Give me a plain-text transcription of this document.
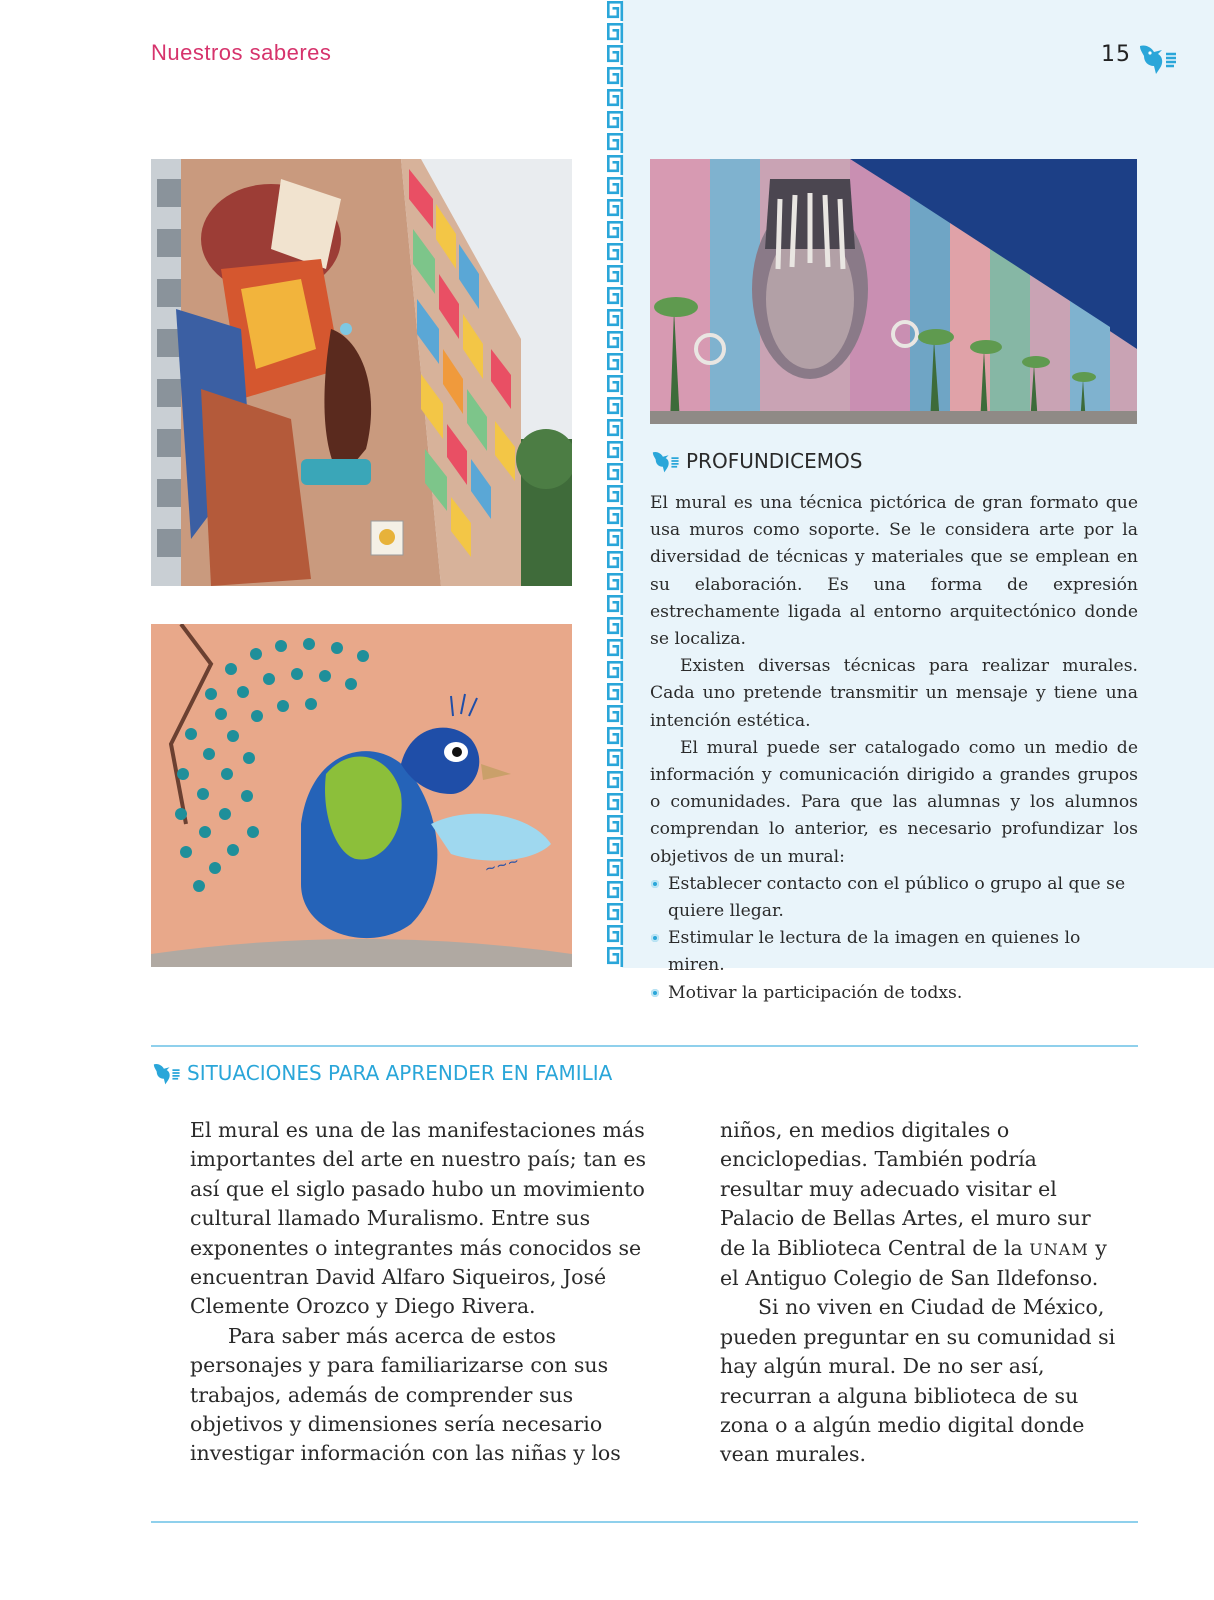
Nuestros saberes	15
~~~
PROFUNDICEMOS

El mural es una técnica pictórica de gran formato que usa muros como soporte. Se le considera arte por la diversidad de técnicas y materiales que se emplean en su elaboración. Es una forma de expresión estrechamente ligada al entorno arquitectónico donde se localiza.

Existen diversas técnicas para realizar murales. Cada uno pretende transmitir un mensaje y tiene una intención estética.

El mural puede ser catalogado como un medio de información y comunicación dirigido a grandes grupos o comunidades. Para que las alumnas y los alumnos comprendan lo anterior, es necesario profundizar los objetivos de un mural:

Establecer contacto con el público o grupo al que se quiere llegar.

Estimular le lectura de la imagen en quienes lo miren.

Motivar la participación de todxs.

SITUACIONES PARA APRENDER EN FAMILIA

El mural es una de las manifestaciones más importantes del arte en nuestro país; tan es así que el siglo pasado hubo un movimiento cultural llamado Muralismo. Entre sus exponentes o integrantes más conocidos se encuentran David Alfaro Siqueiros, José Clemente Orozco y Diego Rivera.

Para saber más acerca de estos personajes y para familiarizarse con sus trabajos, además de comprender sus objetivos y dimensiones sería necesario investigar información con las niñas y los

niños, en medios digitales o enciclopedias. También podría resultar muy adecuado visitar el Palacio de Bellas Artes, el muro sur de la Biblioteca Central de la UNAM y el Antiguo Colegio de San Ildefonso.

Si no viven en Ciudad de México, pueden preguntar en su comunidad si hay algún mural. De no ser así, recurran a alguna biblioteca de su zona o a algún medio digital donde vean murales.
